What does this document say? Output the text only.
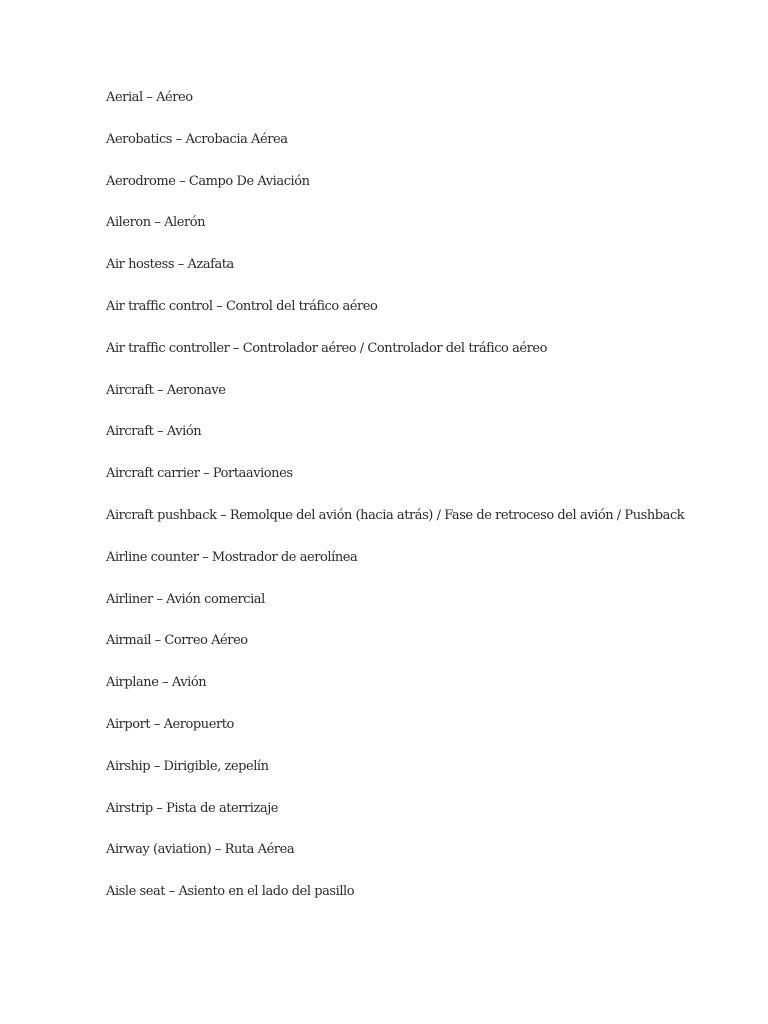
Aerial – Aéreo
Aerobatics – Acrobacia Aérea
Aerodrome – Campo De Aviación
Aileron – Alerón
Air hostess – Azafata
Air traffic control – Control del tráfico aéreo
Air traffic controller – Controlador aéreo / Controlador del tráfico aéreo
Aircraft – Aeronave
Aircraft – Avión
Aircraft carrier – Portaaviones
Aircraft pushback – Remolque del avión (hacia atrás) / Fase de retroceso del avión / Pushback
Airline counter – Mostrador de aerolínea
Airliner – Avión comercial
Airmail – Correo Aéreo
Airplane – Avión
Airport – Aeropuerto
Airship – Dirigible, zepelín
Airstrip – Pista de aterrizaje
Airway (aviation) – Ruta Aérea
Aisle seat – Asiento en el lado del pasillo
